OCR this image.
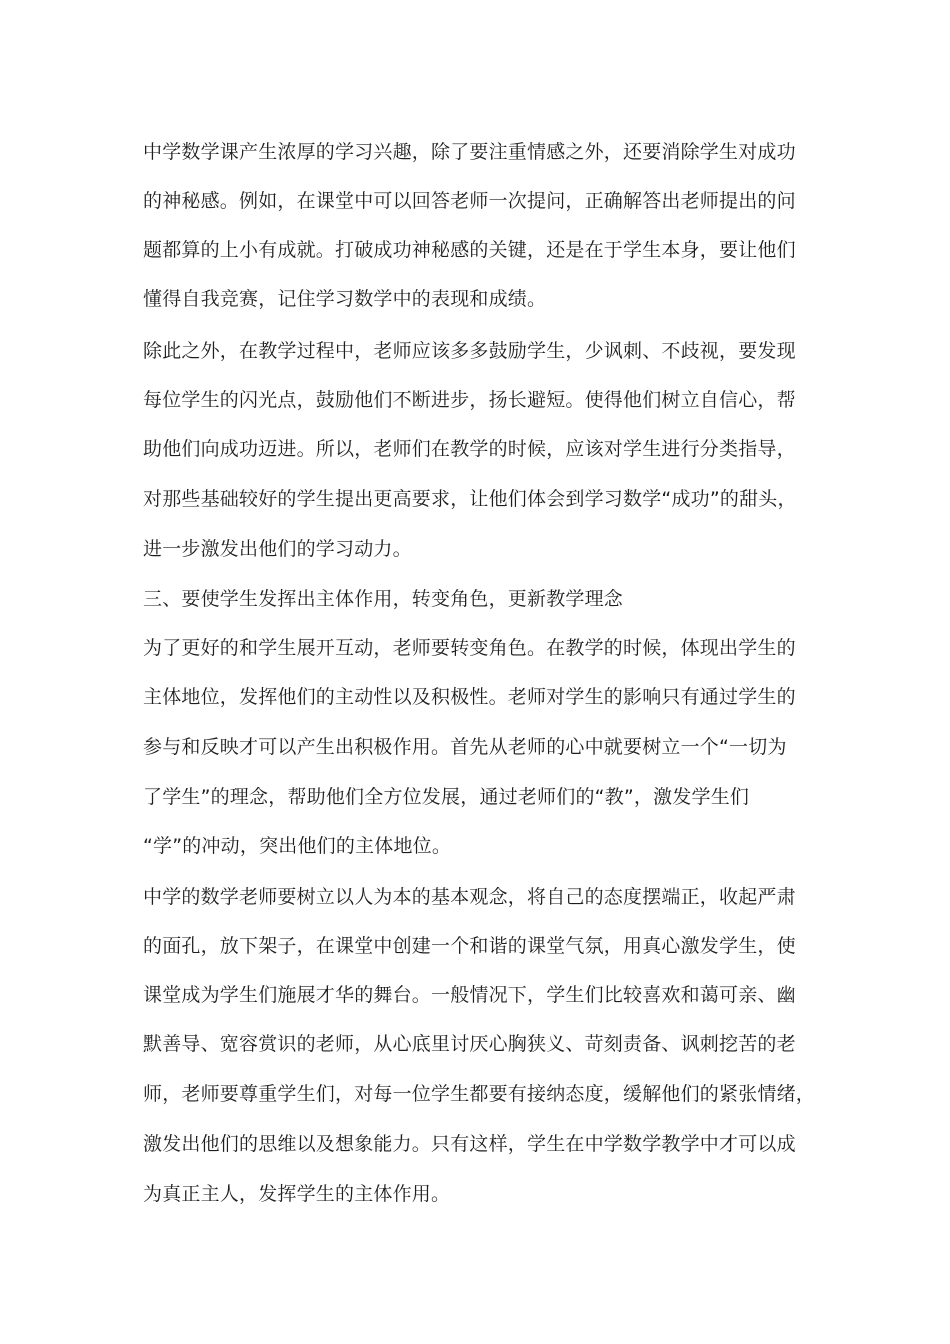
中学数学课产生浓厚的学习兴趣，除了要注重情感之外，还要消除学生对成功
的神秘感。例如，在课堂中可以回答老师一次提问，正确解答出老师提出的问
题都算的上小有成就。打破成功神秘感的关键，还是在于学生本身，要让他们
懂得自我竞赛，记住学习数学中的表现和成绩。
除此之外，在教学过程中，老师应该多多鼓励学生，少讽刺、不歧视，要发现
每位学生的闪光点，鼓励他们不断进步，扬长避短。使得他们树立自信心，帮
助他们向成功迈进。所以，老师们在教学的时候，应该对学生进行分类指导，
对那些基础较好的学生提出更高要求，让他们体会到学习数学“成功”的甜头，
进一步激发出他们的学习动力。
三、要使学生发挥出主体作用，转变角色，更新教学理念
为了更好的和学生展开互动，老师要转变角色。在教学的时候，体现出学生的
主体地位，发挥他们的主动性以及积极性。老师对学生的影响只有通过学生的
参与和反映才可以产生出积极作用。首先从老师的心中就要树立一个“一切为
了学生”的理念，帮助他们全方位发展，通过老师们的“教”，激发学生们
“学”的冲动，突出他们的主体地位。
中学的数学老师要树立以人为本的基本观念，将自己的态度摆端正，收起严肃
的面孔，放下架子，在课堂中创建一个和谐的课堂气氛，用真心激发学生，使
课堂成为学生们施展才华的舞台。一般情况下，学生们比较喜欢和蔼可亲、幽
默善导、宽容赏识的老师，从心底里讨厌心胸狭义、苛刻责备、讽刺挖苦的老
师，老师要尊重学生们，对每一位学生都要有接纳态度，缓解他们的紧张情绪，
激发出他们的思维以及想象能力。只有这样，学生在中学数学教学中才可以成
为真正主人，发挥学生的主体作用。
